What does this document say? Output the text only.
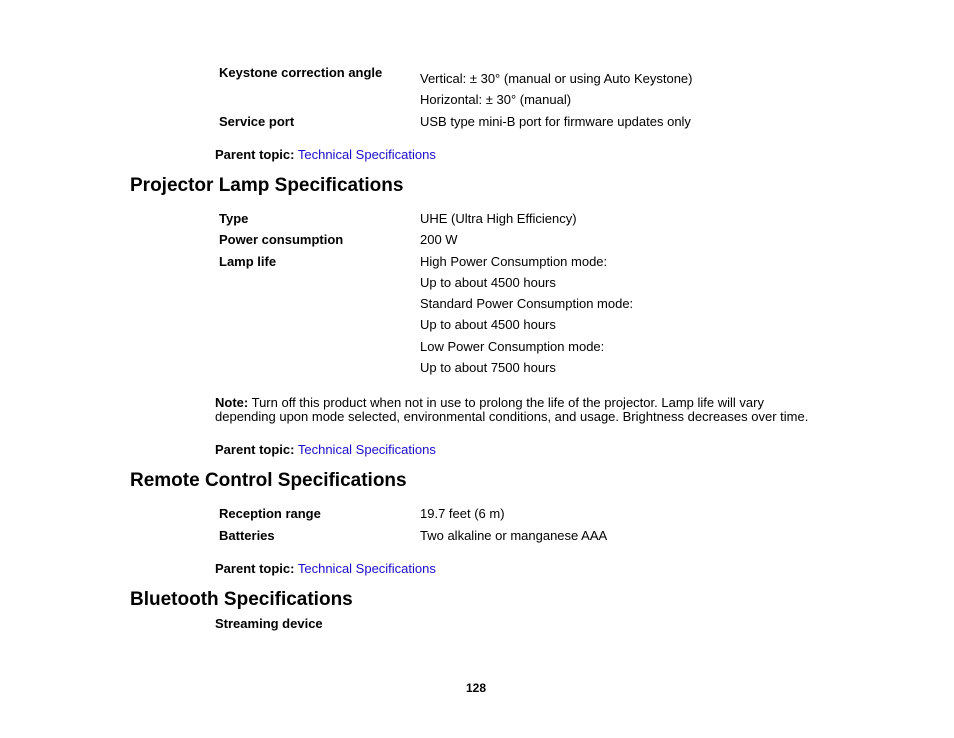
Keystone correction angle	Vertical: ± 30° (manual or using Auto Keystone)
Horizontal: ± 30° (manual)
Service port	USB type mini-B port for firmware updates only
Parent topic: Technical Specifications
Projector Lamp Specifications
Type	UHE (Ultra High Efficiency)
Power consumption	200 W
Lamp life	High Power Consumption mode:
Up to about 4500 hours
Standard Power Consumption mode:
Up to about 4500 hours
Low Power Consumption mode:
Up to about 7500 hours
Note: Turn off this product when not in use to prolong the life of the projector. Lamp life will vary depending upon mode selected, environmental conditions, and usage. Brightness decreases over time.
Parent topic: Technical Specifications
Remote Control Specifications
Reception range	19.7 feet (6 m)
Batteries	Two alkaline or manganese AAA
Parent topic: Technical Specifications
Bluetooth Specifications
Streaming device
128
